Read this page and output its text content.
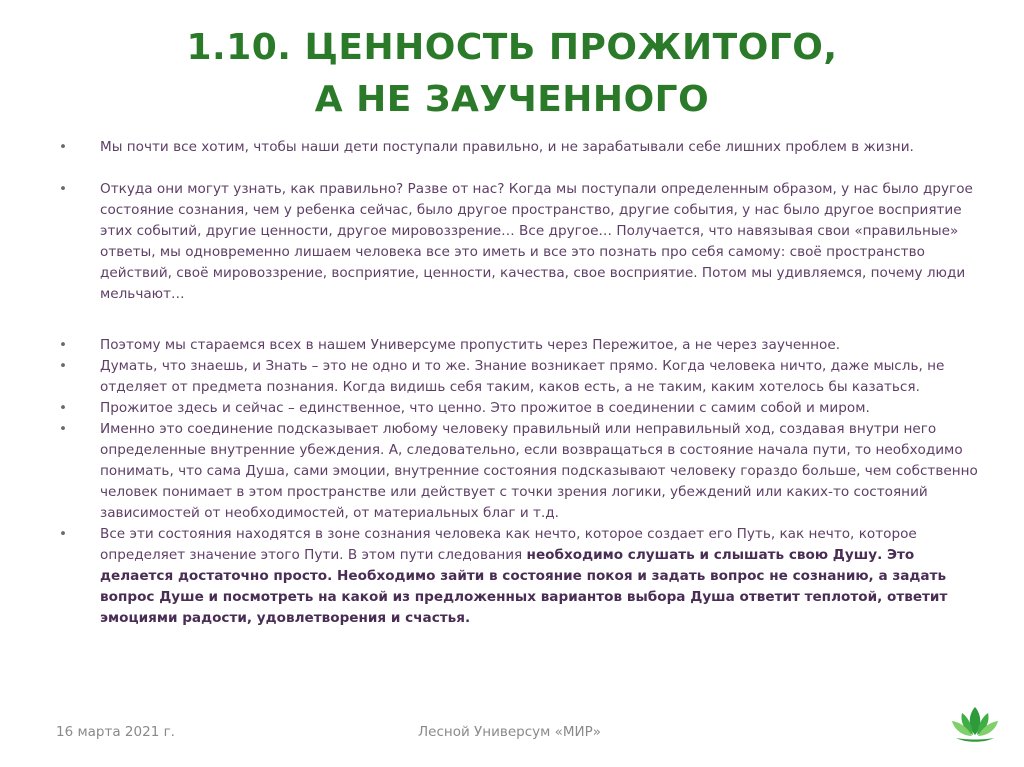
1.10. ЦЕННОСТЬ ПРОЖИТОГО,
А НЕ ЗАУЧЕННОГО
• Мы почти все хотим, чтобы наши дети поступали правильно, и не зарабатывали себе лишних проблем в жизни.
• Откуда они могут узнать, как правильно? Разве от нас? Когда мы поступали определенным образом, у нас было другое состояние сознания, чем у ребенка сейчас, было другое пространство, другие события, у нас было другое восприятие этих событий, другие ценности, другое мировоззрение… Все другое… Получается, что навязывая свои «правильные» ответы, мы одновременно лишаем человека все это иметь и все это познать про себя самому: своё пространство действий, своё мировоззрение, восприятие, ценности, качества, свое восприятие. Потом мы удивляемся, почему люди мельчают…
• Поэтому мы стараемся всех в нашем Универсуме пропустить через Пережитое, а не через заученное.
• Думать, что знаешь, и Знать – это не одно и то же. Знание возникает прямо. Когда человека ничто, даже мысль, не отделяет от предмета познания. Когда видишь себя таким, каков есть, а не таким, каким хотелось бы казаться.
• Прожитое здесь и сейчас – единственное, что ценно. Это прожитое в соединении с самим собой и миром.
• Именно это соединение подсказывает любому человеку правильный или неправильный ход, создавая внутри него определенные внутренние убеждения. А, следовательно, если возвращаться в состояние начала пути, то необходимо понимать, что сама Душа, сами эмоции, внутренние состояния подсказывают человеку гораздо больше, чем собственно человек понимает в этом пространстве или действует с точки зрения логики, убеждений или каких-то состояний зависимостей от необходимостей, от материальных благ и т.д.
• Все эти состояния находятся в зоне сознания человека как нечто, которое создает его Путь, как нечто, которое определяет значение этого Пути. В этом пути следования необходимо слушать и слышать свою Душу. Это делается достаточно просто. Необходимо зайти в состояние покоя и задать вопрос не сознанию, а задать вопрос Душе и посмотреть на какой из предложенных вариантов выбора Душа ответит теплотой, ответит эмоциями радости, удовлетворения и счастья.
16 марта 2021 г.	Лесной Универсум «МИР»
